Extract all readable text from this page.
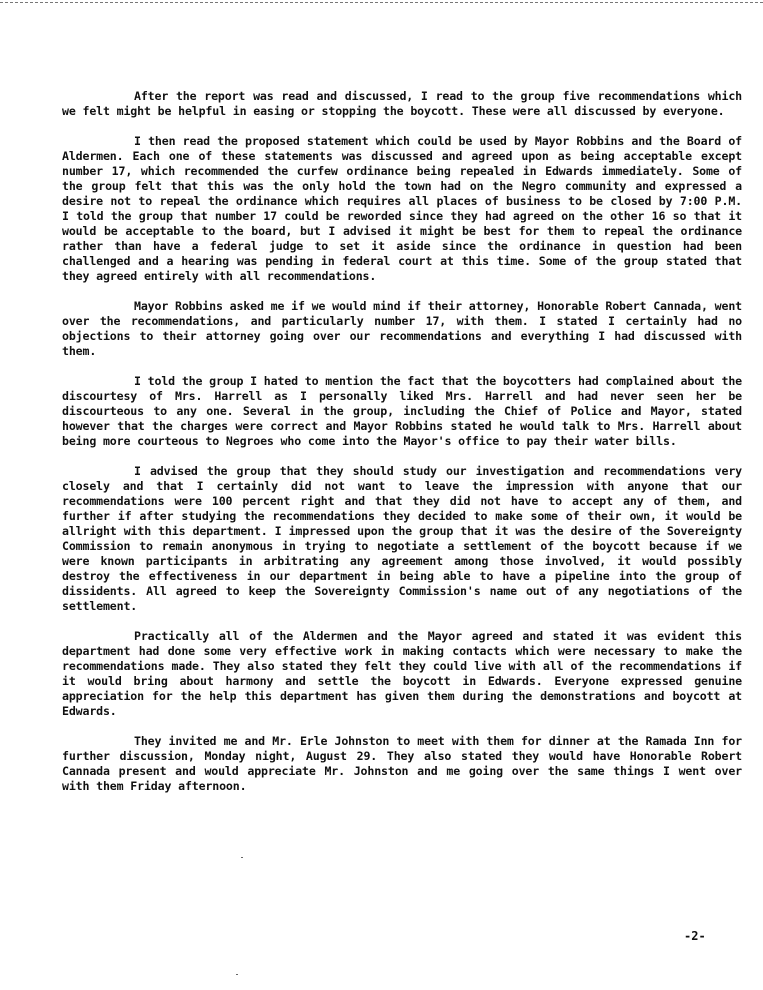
After the report was read and discussed, I read to the group five recommendations which we felt might be helpful in easing or stopping the boycott. These were all discussed by everyone.

I then read the proposed statement which could be used by Mayor Robbins and the Board of Aldermen. Each one of these statements was discussed and agreed upon as being acceptable except number 17, which recommended the curfew ordinance being repealed in Edwards immediately. Some of the group felt that this was the only hold the town had on the Negro community and expressed a desire not to repeal the ordinance which requires all places of business to be closed by 7:00 P.M. I told the group that number 17 could be reworded since they had agreed on the other 16 so that it would be acceptable to the board, but I advised it might be best for them to repeal the ordinance rather than have a federal judge to set it aside since the ordinance in question had been challenged and a hearing was pending in federal court at this time. Some of the group stated that they agreed entirely with all recommendations.

Mayor Robbins asked me if we would mind if their attorney, Honorable Robert Cannada, went over the recommendations, and particularly number 17, with them. I stated I certainly had no objections to their attorney going over our recommendations and everything I had discussed with them.

I told the group I hated to mention the fact that the boycotters had complained about the discourtesy of Mrs. Harrell as I personally liked Mrs. Harrell and had never seen her be discourteous to any one. Several in the group, including the Chief of Police and Mayor, stated however that the charges were correct and Mayor Robbins stated he would talk to Mrs. Harrell about being more courteous to Negroes who come into the Mayor's office to pay their water bills.

I advised the group that they should study our investigation and recommendations very closely and that I certainly did not want to leave the impression with anyone that our recommendations were 100 percent right and that they did not have to accept any of them, and further if after studying the recommendations they decided to make some of their own, it would be allright with this department. I impressed upon the group that it was the desire of the Sovereignty Commission to remain anonymous in trying to negotiate a settlement of the boycott because if we were known participants in arbitrating any agreement among those involved, it would possibly destroy the effectiveness in our department in being able to have a pipeline into the group of dissidents. All agreed to keep the Sovereignty Commission's name out of any negotiations of the settlement.

Practically all of the Aldermen and the Mayor agreed and stated it was evident this department had done some very effective work in making contacts which were necessary to make the recommendations made. They also stated they felt they could live with all of the recommendations if it would bring about harmony and settle the boycott in Edwards. Everyone expressed genuine appreciation for the help this department has given them during the demonstrations and boycott at Edwards.

They invited me and Mr. Erle Johnston to meet with them for dinner at the Ramada Inn for further discussion, Monday night, August 29. They also stated they would have Honorable Robert Cannada present and would appreciate Mr. Johnston and me going over the same things I went over with them Friday afternoon.

-2-
